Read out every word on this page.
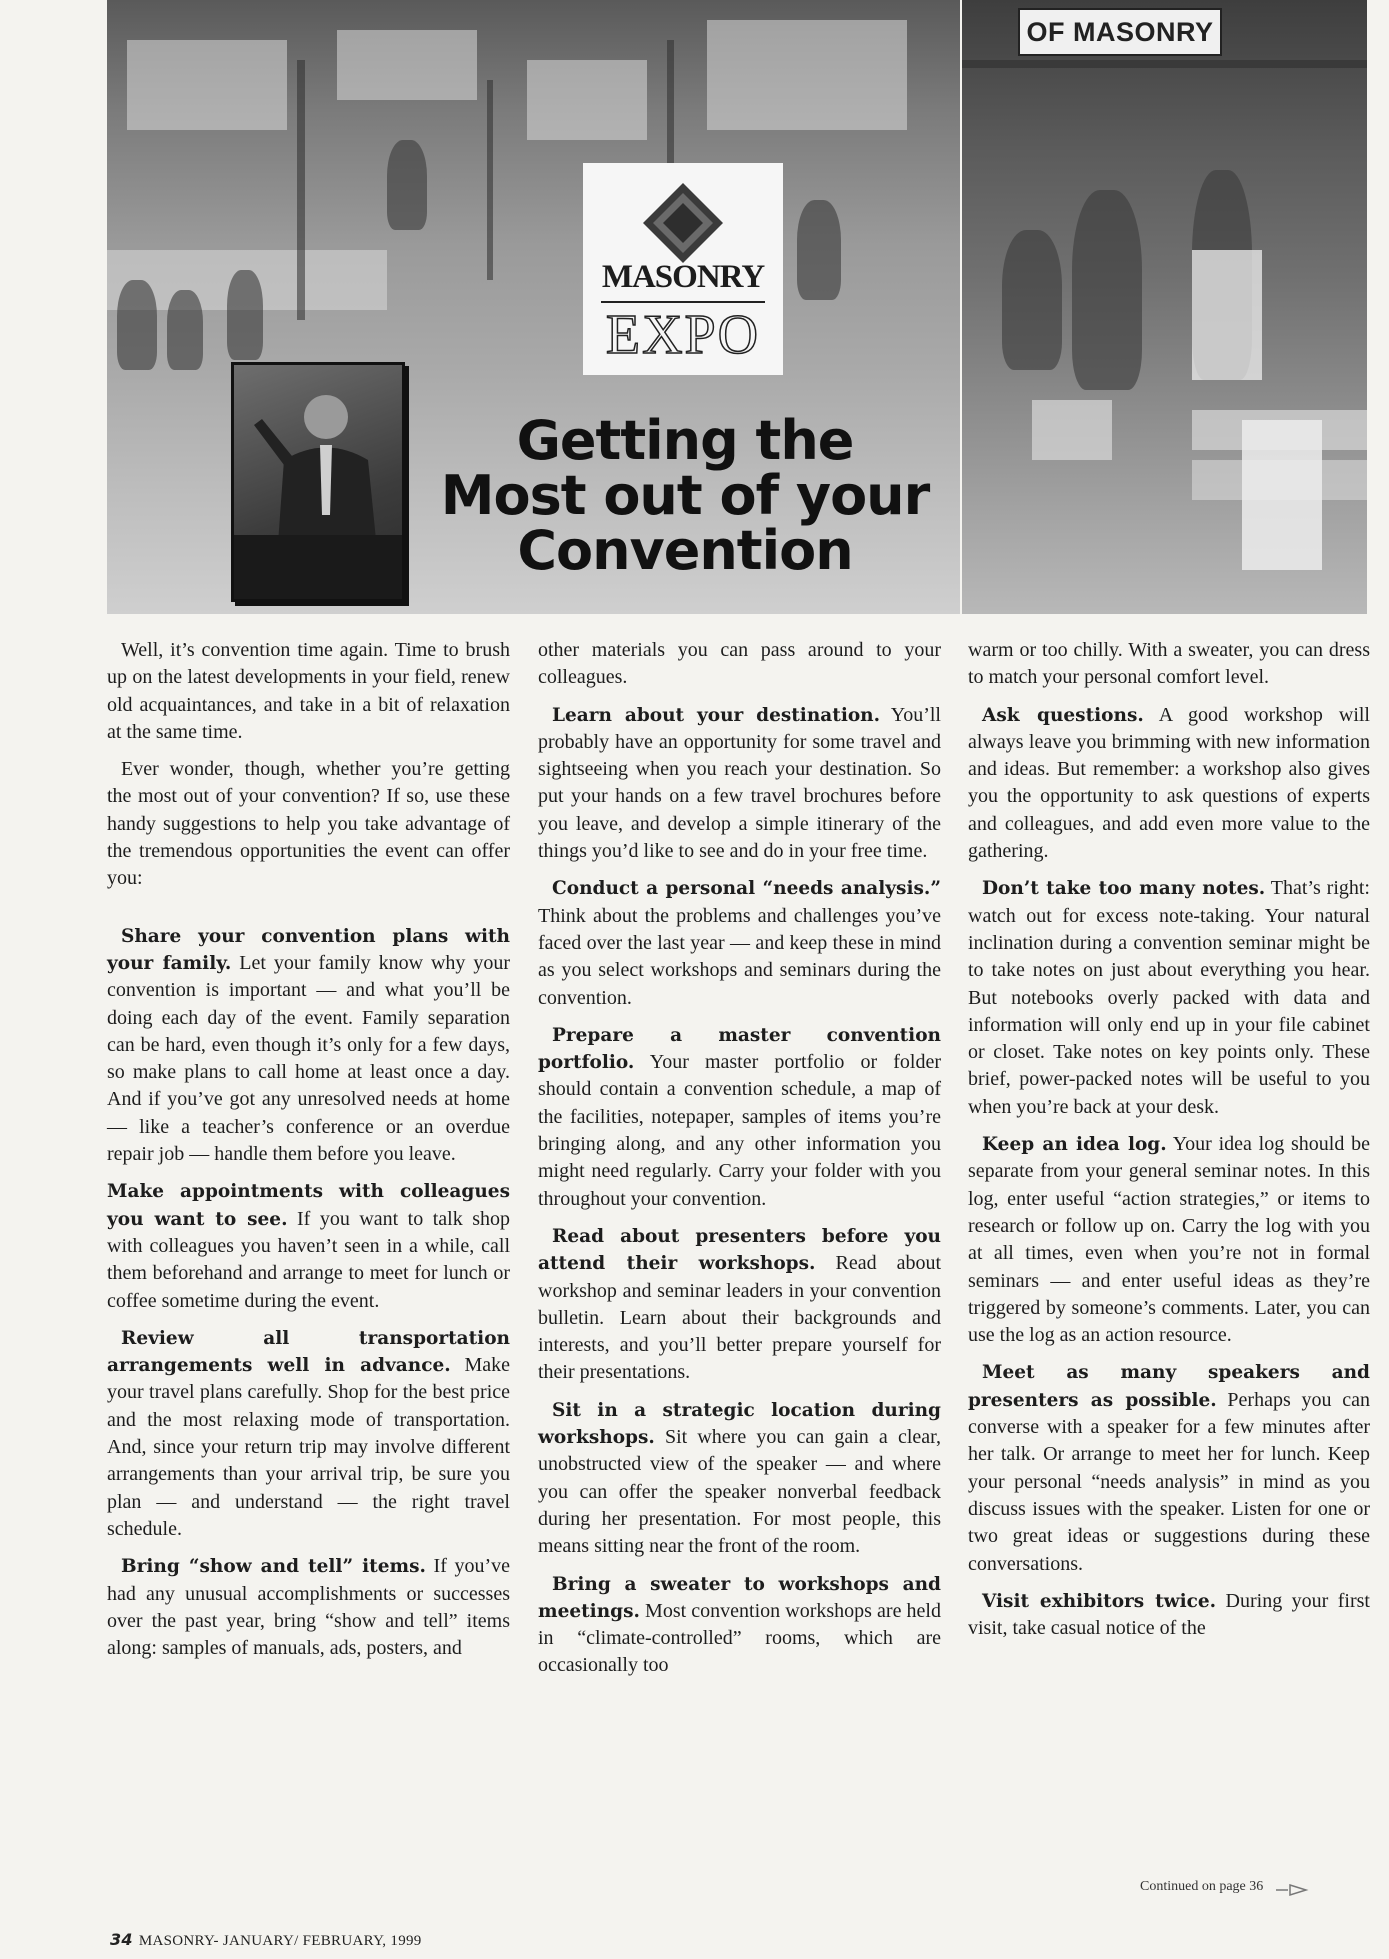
OF MASONRY
MASONRY
EXPO
Getting the
Most out of your
Convention

Well, it’s convention time again. Time to brush up on the latest developments in your field, renew old acquaintances, and take in a bit of relaxation at the same time.

Ever wonder, though, whether you’re getting the most out of your convention? If so, use these handy suggestions to help you take advantage of the tremendous opportunities the event can offer you:

Share your convention plans with your family. Let your family know why your convention is important — and what you’ll be doing each day of the event. Family separation can be hard, even though it’s only for a few days, so make plans to call home at least once a day. And if you’ve got any unresolved needs at home — like a teacher’s conference or an overdue repair job — handle them before you leave.

Make appointments with colleagues you want to see. If you want to talk shop with colleagues you haven’t seen in a while, call them beforehand and arrange to meet for lunch or coffee sometime during the event.

Review all transportation arrangements well in advance. Make your travel plans carefully. Shop for the best price and the most relaxing mode of transportation. And, since your return trip may involve different arrangements than your arrival trip, be sure you plan — and understand — the right travel schedule.

Bring “show and tell” items. If you’ve had any unusual accomplishments or successes over the past year, bring “show and tell” items along: samples of manuals, ads, posters, and

other materials you can pass around to your colleagues.

Learn about your destination. You’ll probably have an opportunity for some travel and sightseeing when you reach your destination. So put your hands on a few travel brochures before you leave, and develop a simple itinerary of the things you’d like to see and do in your free time.

Conduct a personal “needs analysis.” Think about the problems and challenges you’ve faced over the last year — and keep these in mind as you select workshops and seminars during the convention.

Prepare a master convention portfolio. Your master portfolio or folder should contain a convention schedule, a map of the facilities, notepaper, samples of items you’re bringing along, and any other information you might need regularly. Carry your folder with you throughout your convention.

Read about presenters before you attend their workshops. Read about workshop and seminar leaders in your convention bulletin. Learn about their backgrounds and interests, and you’ll better prepare yourself for their presentations.

Sit in a strategic location during workshops. Sit where you can gain a clear, unobstructed view of the speaker — and where you can offer the speaker nonverbal feedback during her presentation. For most people, this means sitting near the front of the room.

Bring a sweater to workshops and meetings. Most convention workshops are held in “climate-controlled” rooms, which are occasionally too

warm or too chilly. With a sweater, you can dress to match your personal comfort level.

Ask questions. A good workshop will always leave you brimming with new information and ideas. But remember: a workshop also gives you the opportunity to ask questions of experts and colleagues, and add even more value to the gathering.

Don’t take too many notes. That’s right: watch out for excess note-taking. Your natural inclination during a convention seminar might be to take notes on just about everything you hear. But notebooks overly packed with data and information will only end up in your file cabinet or closet. Take notes on key points only. These brief, power-packed notes will be useful to you when you’re back at your desk.

Keep an idea log. Your idea log should be separate from your general seminar notes. In this log, enter useful “action strategies,” or items to research or follow up on. Carry the log with you at all times, even when you’re not in formal seminars — and enter useful ideas as they’re triggered by someone’s comments. Later, you can use the log as an action resource.

Meet as many speakers and presenters as possible. Perhaps you can converse with a speaker for a few minutes after her talk. Or arrange to meet her for lunch. Keep your personal “needs analysis” in mind as you discuss issues with the speaker. Listen for one or two great ideas or suggestions during these conversations.

Visit exhibitors twice. During your first visit, take casual notice of the

Continued on page 36
34 MASONRY- JANUARY/ FEBRUARY, 1999
